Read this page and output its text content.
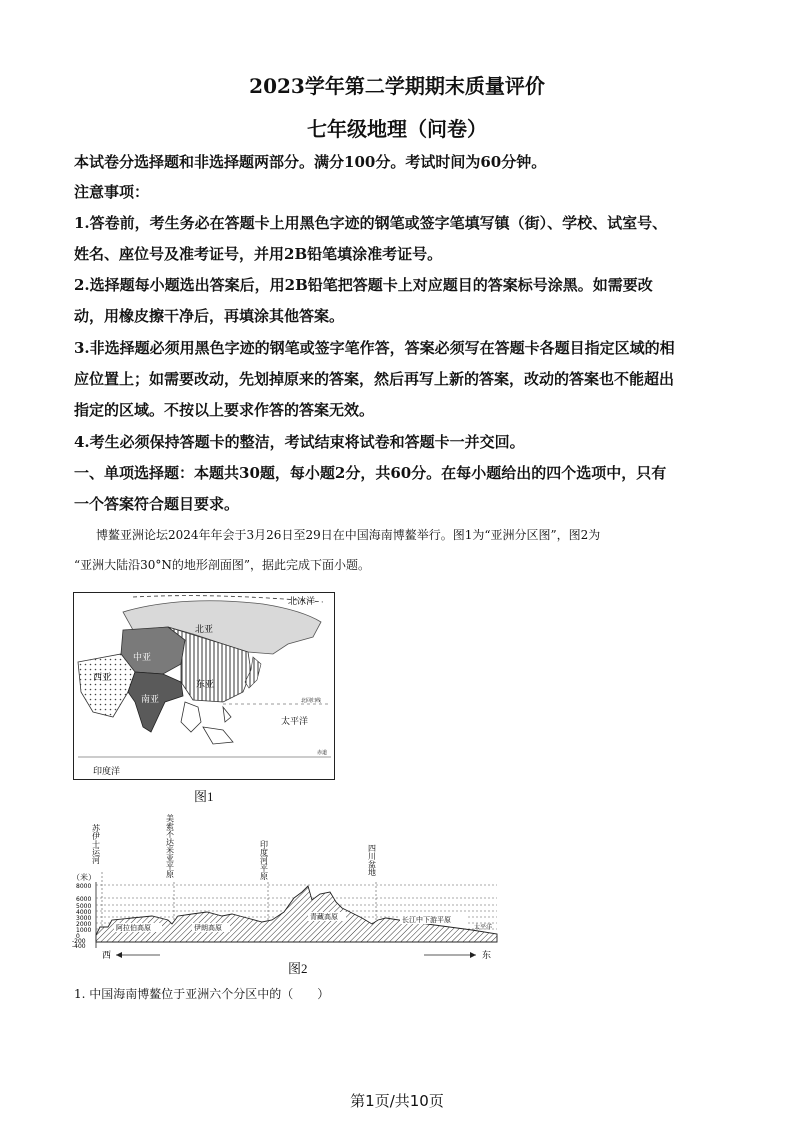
2023学年第二学期期末质量评价
七年级地理（问卷）
本试卷分选择题和非选择题两部分。满分100分。考试时间为60分钟。
注意事项：
1.答卷前，考生务必在答题卡上用黑色字迹的钢笔或签字笔填写镇（街）、学校、试室号、
姓名、座位号及准考证号，并用2B铅笔填涂准考证号。
2.选择题每小题选出答案后，用2B铅笔把答题卡上对应题目的答案标号涂黑。如需要改
动，用橡皮擦干净后，再填涂其他答案。
3.非选择题必须用黑色字迹的钢笔或签字笔作答，答案必须写在答题卡各题目指定区域的相
应位置上；如需要改动，先划掉原来的答案，然后再写上新的答案，改动的答案也不能超出
指定的区域。不按以上要求作答的答案无效。
4.考生必须保持答题卡的整洁，考试结束将试卷和答题卡一并交回。
一、单项选择题：本题共30题，每小题2分，共60分。在每小题给出的四个选项中，只有
一个答案符合题目要求。
博鳌亚洲论坛2024年年会于3月26日至29日在中国海南博鳌举行。图1为“亚洲分区图”，图2为
“亚洲大陆沿30°N的地形剖面图”，据此完成下面小题。
北冰洋
北亚
中亚
西亚
东亚
南亚
太平洋
印度洋
北回归线
赤道
图1
苏伊士运河	美索不达米亚平原	印度河平原	四川盆地
（米）
8000
6000
5000
4000
3000
2000
1000
0
-200
-400
阿拉伯高原	伊朗高原
青藏高原	长江中下游平原
太平洋
西	东
图2
1. 中国海南博鳌位于亚洲六个分区中的（　　）
第1页/共10页
